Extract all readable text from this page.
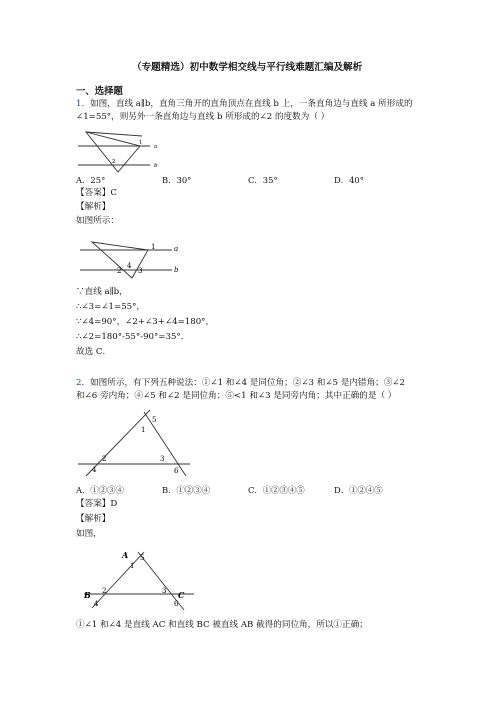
（专题精选）初中数学相交线与平行线难题汇编及解析
一、选择题
1．如图，直线 a∥b，直角三角开的直角顶点在直线 b 上，一条直角边与直线 a 所形成的
∠1=55°，则另外一条直角边与直线 b 所形成的∠2 的度数为（ ）
1
a
2
b
A．25°	B．30°	C．35°	D．40°
【答案】C
【解析】
如图所示：
1	a
2
4
3	b
∵直线 a∥b，
∴∠3=∠1=55°，
∵∠4=90°，∠2+∠3+∠4=180°，
∴∠2=180°-55°-90°=35°．
故选 C．
2．如图所示，有下列五种说法：①∠1 和∠4 是同位角；②∠3 和∠5 是内错角；③∠2
和∠6 旁内角；④∠5 和∠2 是同位角；⑤<1 和∠3 是同旁内角；其中正确的是（ ）
5
1
2	3
4	6
A．①②③④	B．①②③④	C．①②③④⑤	D．①②④⑤
【答案】D
【解析】
如图，
A 5
1
B 2	3 C
4	6
①∠1 和∠4 是直线 AC 和直线 BC 被直线 AB 截得的同位角，所以①正确；
